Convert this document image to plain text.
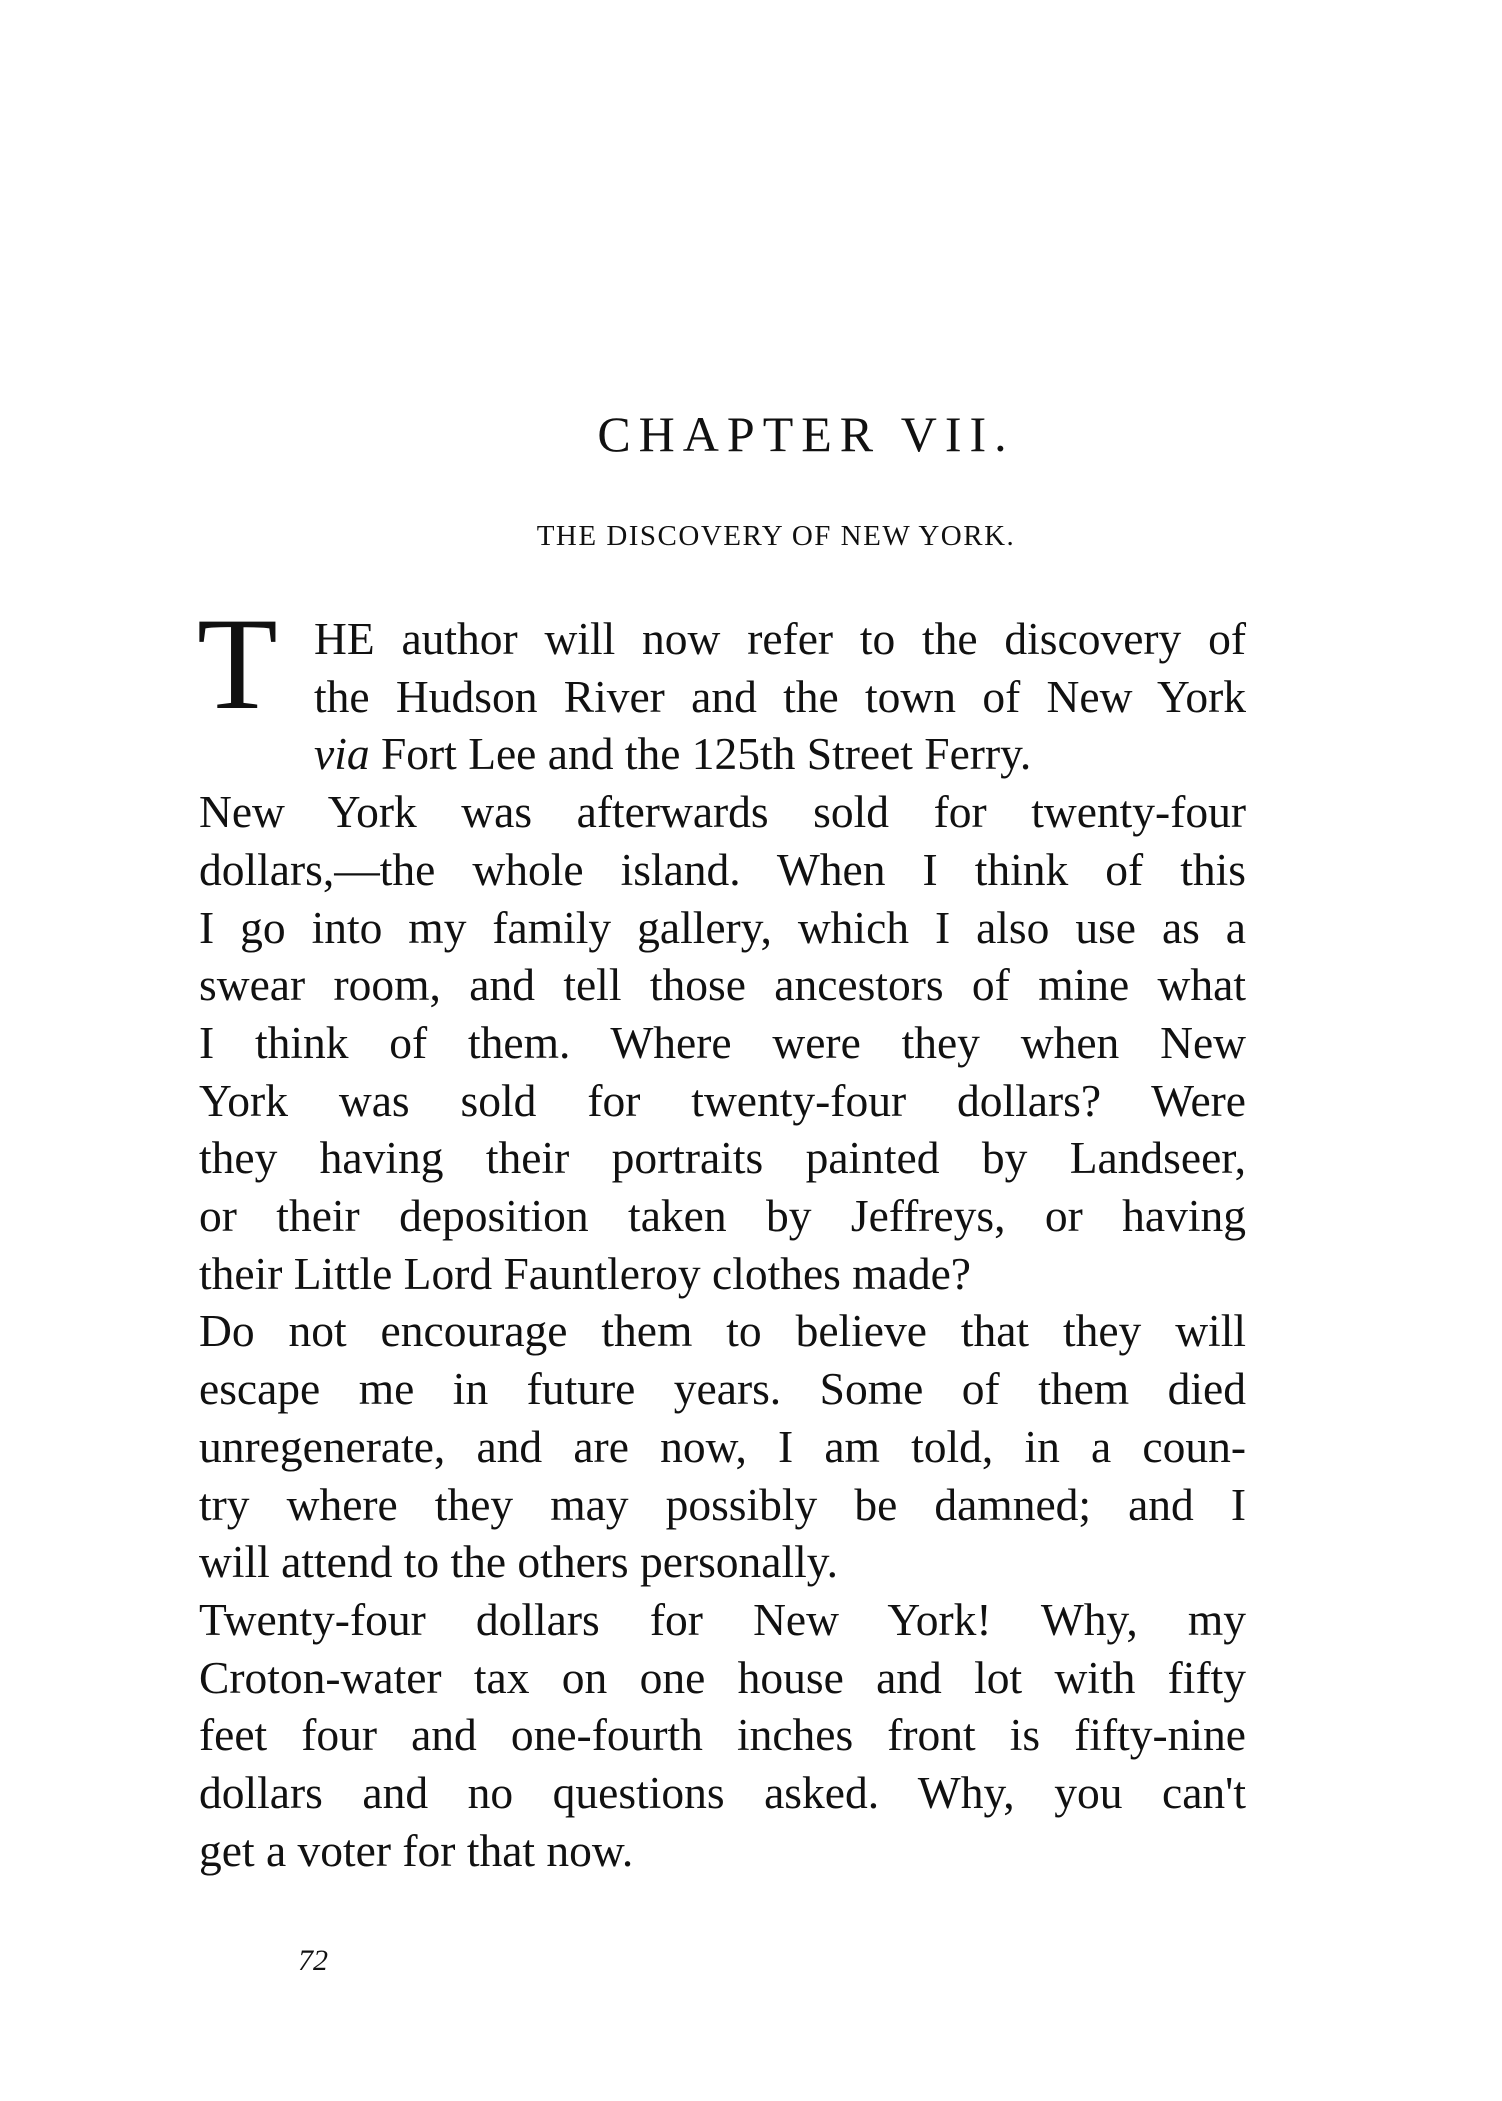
CHAPTER VII.
THE DISCOVERY OF NEW YORK.
T HE author will now refer to the discovery of
the Hudson River and the town of New York
via Fort Lee and the 125th Street Ferry.
New York was afterwards sold for twenty-four
dollars,—the whole island. When I think of this
I go into my family gallery, which I also use as a
swear room, and tell those ancestors of mine what
I think of them. Where were they when New
York was sold for twenty-four dollars? Were
they having their portraits painted by Landseer,
or their deposition taken by Jeffreys, or having
their Little Lord Fauntleroy clothes made?
Do not encourage them to believe that they will
escape me in future years. Some of them died
unregenerate, and are now, I am told, in a coun-
try where they may possibly be damned; and I
will attend to the others personally.
Twenty-four dollars for New York! Why, my
Croton-water tax on one house and lot with fifty
feet four and one-fourth inches front is fifty-nine
dollars and no questions asked. Why, you can't
get a voter for that now.
72
